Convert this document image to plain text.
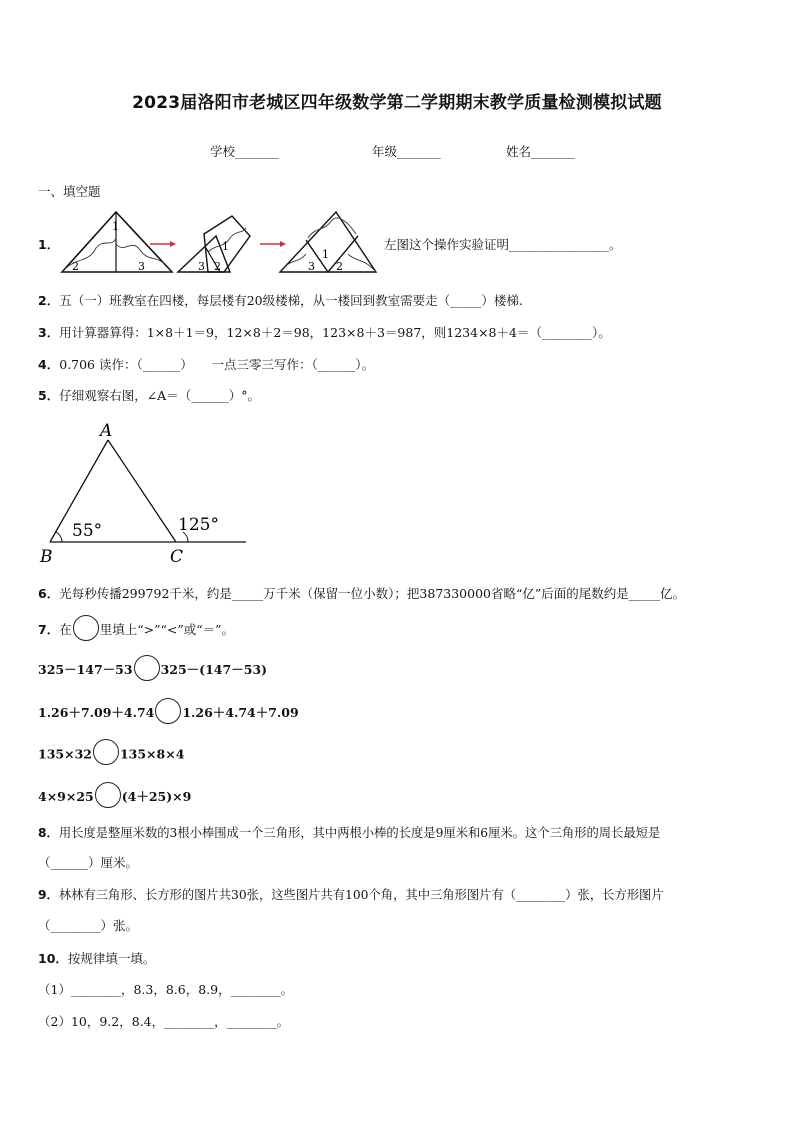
2023届洛阳市老城区四年级数学第二学期期末教学质量检测模拟试题
学校_______	年级_______	姓名_______
一、填空题
1．
1
2	3
1
3 2
1
3 2
左图这个操作实验证明________________。
2．五（一）班教室在四楼，每层楼有20级楼梯，从一楼回到教室需要走（_____）楼梯.
3．用计算器算得：1×8＋1＝9，12×8＋2＝98，123×8＋3＝987，则1234×8＋4＝（________）。
4．0.706 读作：（______）　　一点三零三写作：（______）。
5．仔细观察右图，∠A＝（______）°。
A
B	C
55°	125°
6．光每秒传播299792千米，约是_____万千米（保留一位小数）；把387330000省略“亿”后面的尾数约是_____亿。
7．在 里填上“>”“<”或“＝”。
325－147－53 325－(147－53)
1.26＋7.09＋4.74 1.26＋4.74＋7.09
135×32 135×8×4
4×9×25 (4＋25)×9
8．用长度是整厘米数的3根小棒围成一个三角形，其中两根小棒的长度是9厘米和6厘米。这个三角形的周长最短是
（______）厘米。
9．林林有三角形、长方形的图片共30张，这些图片共有100个角，其中三角形图片有（________）张，长方形图片
（________）张。
10．按规律填一填。
（1）________，8.3，8.6，8.9，________。
（2）10，9.2，8.4，________，________。
